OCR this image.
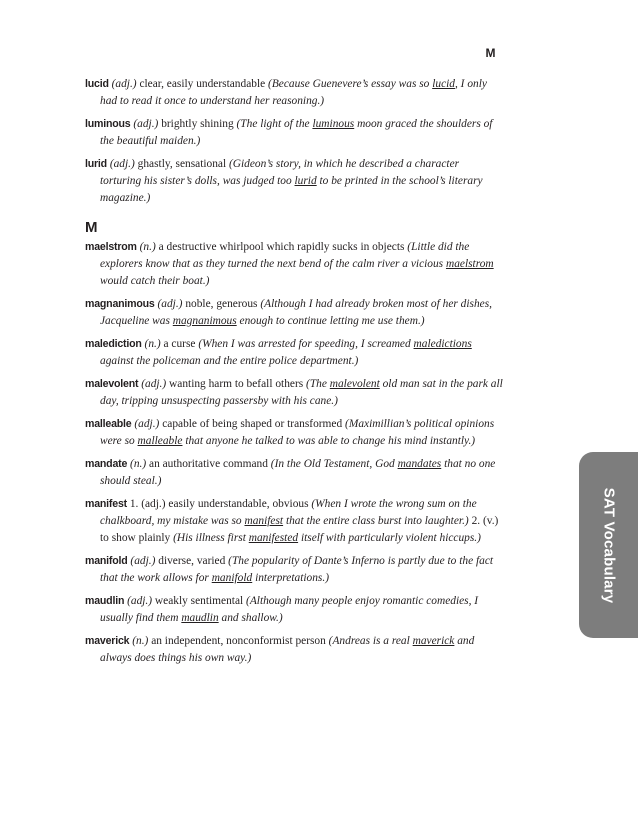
M
lucid (adj.) clear, easily understandable (Because Guenevere’s essay was so lucid, I only had to read it once to understand her reasoning.)
luminous (adj.) brightly shining (The light of the luminous moon graced the shoulders of the beautiful maiden.)
lurid (adj.) ghastly, sensational (Gideon’s story, in which he described a character torturing his sister’s dolls, was judged too lurid to be printed in the school’s literary magazine.)
M
maelstrom (n.) a destructive whirlpool which rapidly sucks in objects (Little did the explorers know that as they turned the next bend of the calm river a vicious maelstrom would catch their boat.)
magnanimous (adj.) noble, generous (Although I had already broken most of her dishes, Jacqueline was magnanimous enough to continue letting me use them.)
malediction (n.) a curse (When I was arrested for speeding, I screamed maledictions against the policeman and the entire police department.)
malevolent (adj.) wanting harm to befall others (The malevolent old man sat in the park all day, tripping unsuspecting passersby with his cane.)
malleable (adj.) capable of being shaped or transformed (Maximillian’s political opinions were so malleable that anyone he talked to was able to change his mind instantly.)
mandate (n.) an authoritative command (In the Old Testament, God mandates that no one should steal.)
manifest 1. (adj.) easily understandable, obvious (When I wrote the wrong sum on the chalkboard, my mistake was so manifest that the entire class burst into laughter.) 2. (v.) to show plainly (His illness first manifested itself with particularly violent hiccups.)
manifold (adj.) diverse, varied (The popularity of Dante’s Inferno is partly due to the fact that the work allows for manifold interpretations.)
maudlin (adj.) weakly sentimental (Although many people enjoy romantic comedies, I usually find them maudlin and shallow.)
maverick (n.) an independent, nonconformist person (Andreas is a real maverick and always does things his own way.)
SAT Vocabulary
